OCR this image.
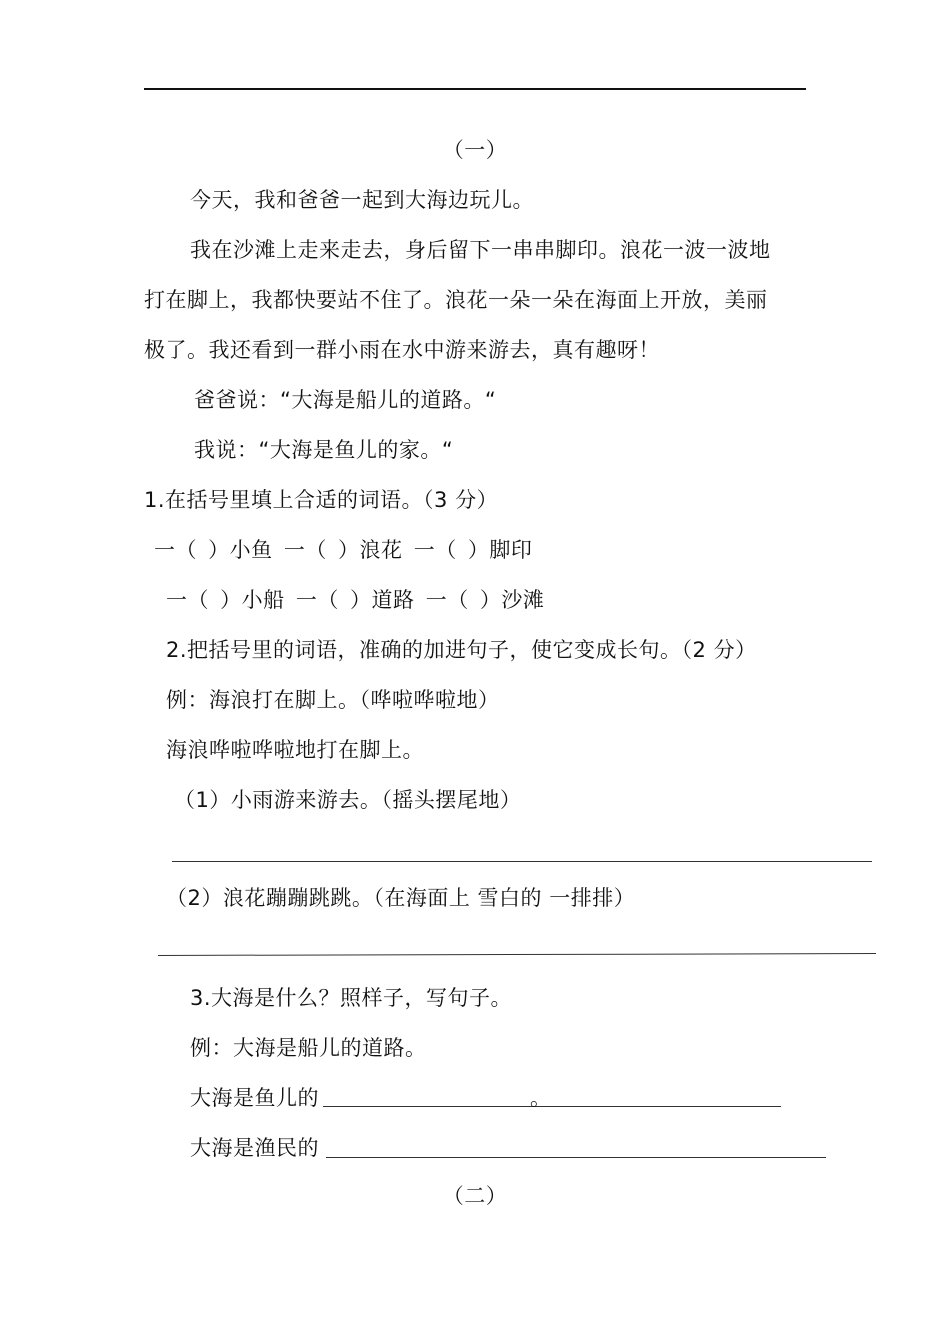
（一）
今天，我和爸爸一起到大海边玩儿。
我在沙滩上走来走去，身后留下一串串脚印。浪花一波一波地
打在脚上，我都快要站不住了。浪花一朵一朵在海面上开放，美丽
极了。我还看到一群小雨在水中游来游去，真有趣呀！
爸爸说：“大海是船儿的道路。“
我说：“大海是鱼儿的家。“
1.在括号里填上合适的词语。（3 分）
一（ ）小鱼 一（ ）浪花 一（ ）脚印
一（ ）小船 一（ ）道路 一（ ）沙滩
2.把括号里的词语，准确的加进句子，使它变成长句。（2 分）
例：海浪打在脚上。（哗啦哗啦地）
海浪哗啦哗啦地打在脚上。
（1）小雨游来游去。（摇头摆尾地）
（2）浪花蹦蹦跳跳。（在海面上 雪白的 一排排）
3.大海是什么？照样子，写句子。
例：大海是船儿的道路。
大海是鱼儿的	。
大海是渔民的
（二）
